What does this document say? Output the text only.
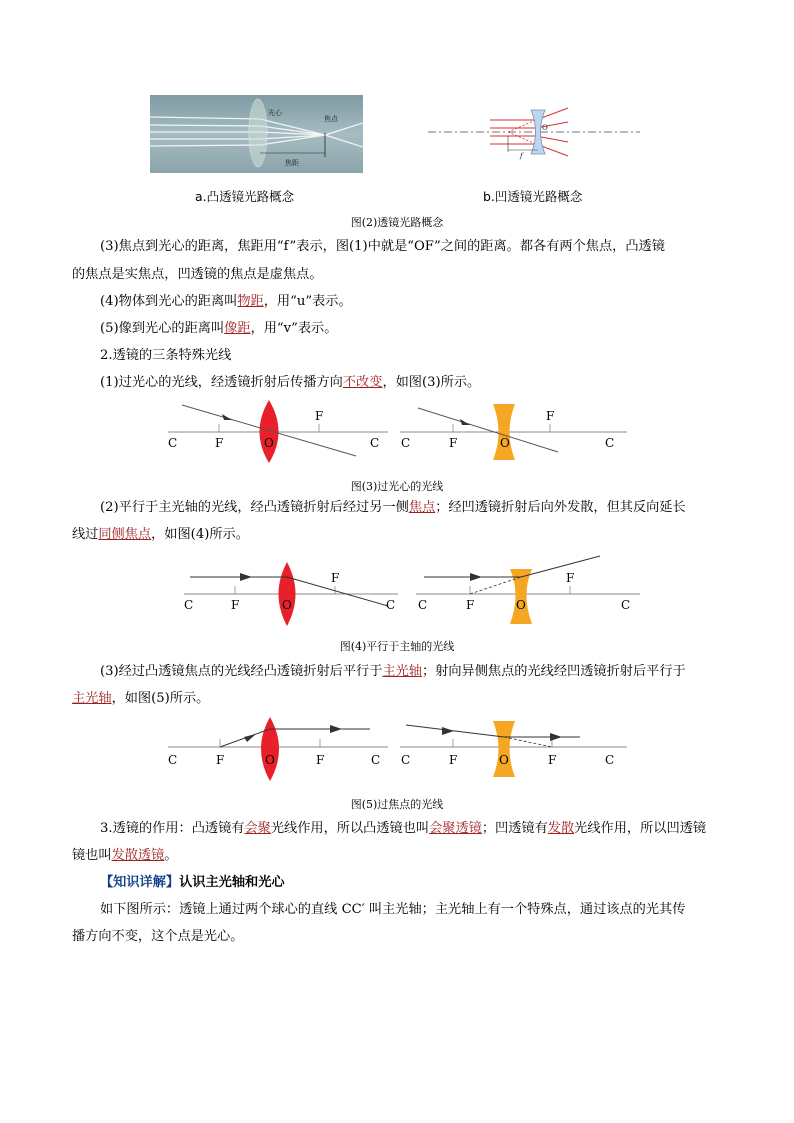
光心
焦点
焦距
f
O
a.凸透镜光路概念	b.凹透镜光路概念
图(2)透镜光路概念
(3)焦点到光心的距离，焦距用“f”表示，图(1)中就是“OF”之间的距离。都各有两个焦点，凸透镜
的焦点是实焦点，凹透镜的焦点是虚焦点。
(4)物体到光心的距离叫物距，用“u”表示。
(5)像到光心的距离叫像距，用“v”表示。
2.透镜的三条特殊光线
(1)过光心的光线，经透镜折射后传播方向不改变，如图(3)所示。
C	F	O
F
C C	F	O
F
C
图(3)过光心的光线
(2)平行于主光轴的光线，经凸透镜折射后经过另一侧焦点；经凹透镜折射后向外发散，但其反向延长
线过同侧焦点，如图(4)所示。
C	F	O
F
C C	F	O
F
C
图(4)平行于主轴的光线
(3)经过凸透镜焦点的光线经凸透镜折射后平行于主光轴；射向异侧焦点的光线经凹透镜折射后平行于
主光轴，如图(5)所示。
C	F	O	F	C C	F	O	F	C
图(5)过焦点的光线
3.透镜的作用：凸透镜有会聚光线作用，所以凸透镜也叫会聚透镜；凹透镜有发散光线作用，所以凹透镜
镜也叫发散透镜。
【知识详解】认识主光轴和光心
如下图所示：透镜上通过两个球心的直线 CC′ 叫主光轴；主光轴上有一个特殊点，通过该点的光其传
播方向不变，这个点是光心。
